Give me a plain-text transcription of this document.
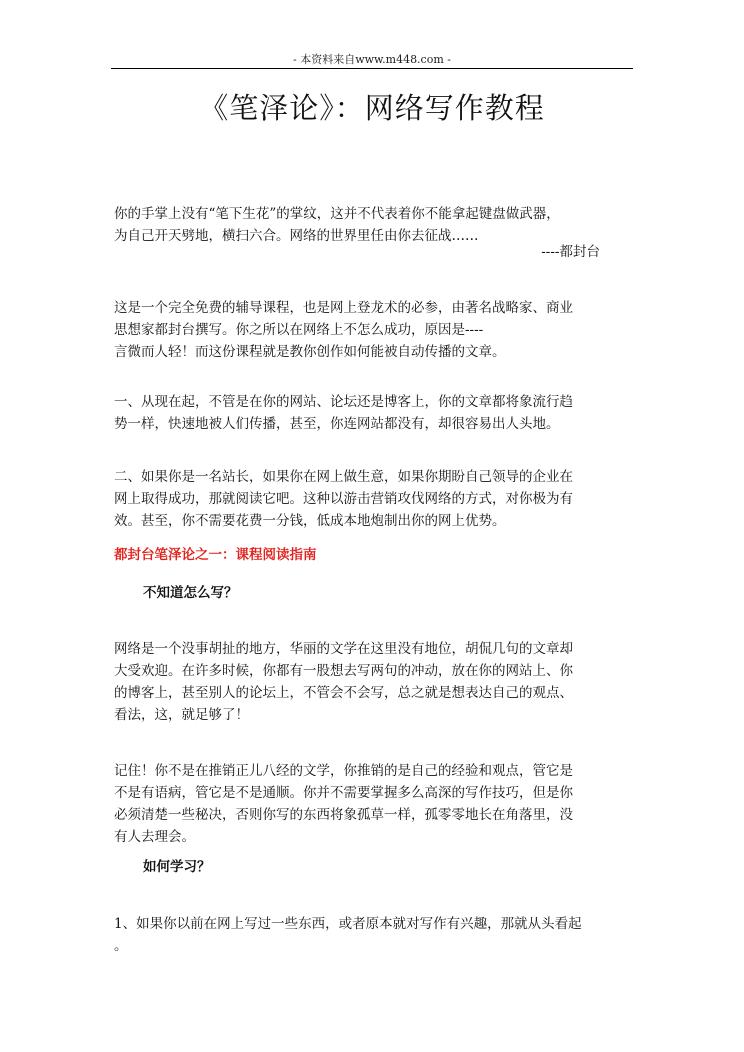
- 本资料来自www.m448.com -
《笔泽论》：网络写作教程

你的手掌上没有“笔下生花”的掌纹，这并不代表着你不能拿起键盘做武器，

为自己开天劈地，横扫六合。网络的世界里任由你去征战……

----都封台

这是一个完全免费的辅导课程，也是网上登龙术的必参，由著名战略家、商业

思想家都封台撰写。你之所以在网络上不怎么成功，原因是----

言微而人轻！而这份课程就是教你创作如何能被自动传播的文章。

一、从现在起，不管是在你的网站、论坛还是博客上，你的文章都将象流行趋

势一样，快速地被人们传播，甚至，你连网站都没有，却很容易出人头地。

二、如果你是一名站长，如果你在网上做生意，如果你期盼自己领导的企业在

网上取得成功，那就阅读它吧。这种以游击营销攻伐网络的方式，对你极为有

效。甚至，你不需要花费一分钱，低成本地炮制出你的网上优势。

都封台笔泽论之一：课程阅读指南
不知道怎么写？

网络是一个没事胡扯的地方，华丽的文学在这里没有地位，胡侃几句的文章却

大受欢迎。在许多时候，你都有一股想去写两句的冲动，放在你的网站上、你

的博客上，甚至别人的论坛上，不管会不会写，总之就是想表达自己的观点、

看法，这，就足够了！

记住！你不是在推销正儿八经的文学，你推销的是自己的经验和观点，管它是

不是有语病，管它是不是通顺。你并不需要掌握多么高深的写作技巧，但是你

必须清楚一些秘决，否则你写的东西将象孤草一样，孤零零地长在角落里，没

有人去理会。

如何学习？

1、如果你以前在网上写过一些东西，或者原本就对写作有兴趣，那就从头看起

。
